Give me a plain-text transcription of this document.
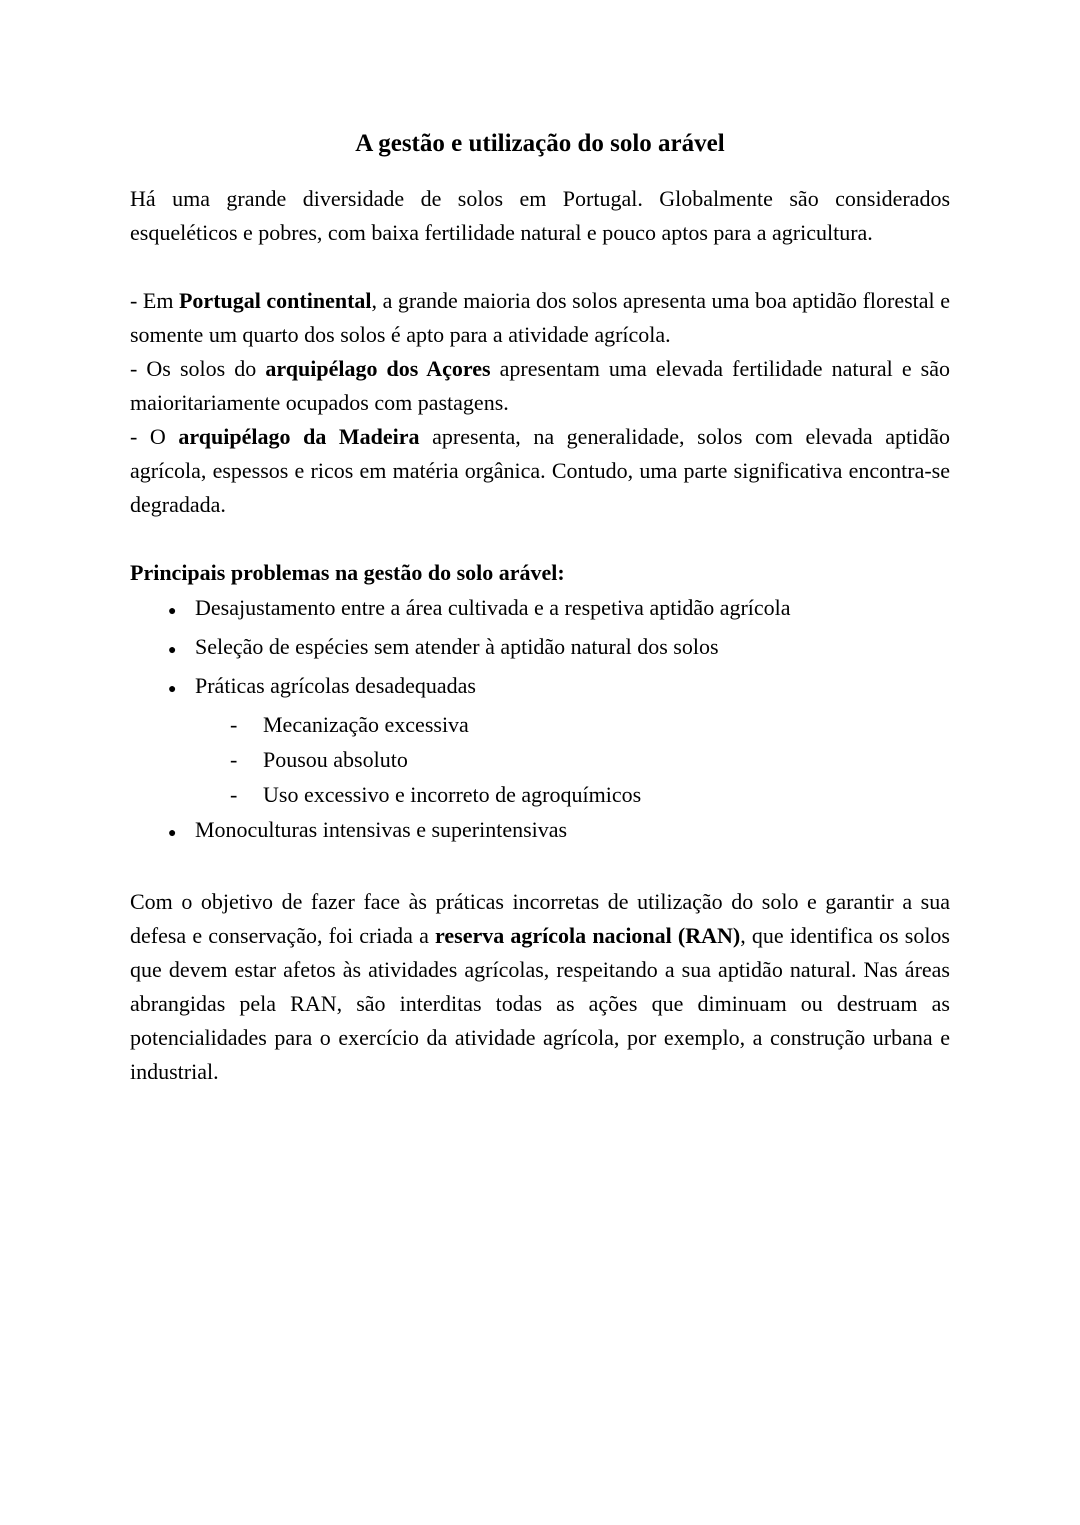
A gestão e utilização do solo arável

Há uma grande diversidade de solos em Portugal. Globalmente são considerados esqueléticos e pobres, com baixa fertilidade natural e pouco aptos para a agricultura.

- Em Portugal continental, a grande maioria dos solos apresenta uma boa aptidão florestal e somente um quarto dos solos é apto para a atividade agrícola.

- Os solos do arquipélago dos Açores apresentam uma elevada fertilidade natural e são maioritariamente ocupados com pastagens.

- O arquipélago da Madeira apresenta, na generalidade, solos com elevada aptidão agrícola, espessos e ricos em matéria orgânica. Contudo, uma parte significativa encontra-se degradada.

Principais problemas na gestão do solo arável:
● Desajustamento entre a área cultivada e a respetiva aptidão agrícola
● Seleção de espécies sem atender à aptidão natural dos solos
● Práticas agrícolas desadequadas
-	Mecanização excessiva
-	Pousou absoluto
-	Uso excessivo e incorreto de agroquímicos
● Monoculturas intensivas e superintensivas

Com o objetivo de fazer face às práticas incorretas de utilização do solo e garantir a sua defesa e conservação, foi criada a reserva agrícola nacional (RAN), que identifica os solos que devem estar afetos às atividades agrícolas, respeitando a sua aptidão natural. Nas áreas abrangidas pela RAN, são interditas todas as ações que diminuam ou destruam as potencialidades para o exercício da atividade agrícola, por exemplo, a construção urbana e industrial.
